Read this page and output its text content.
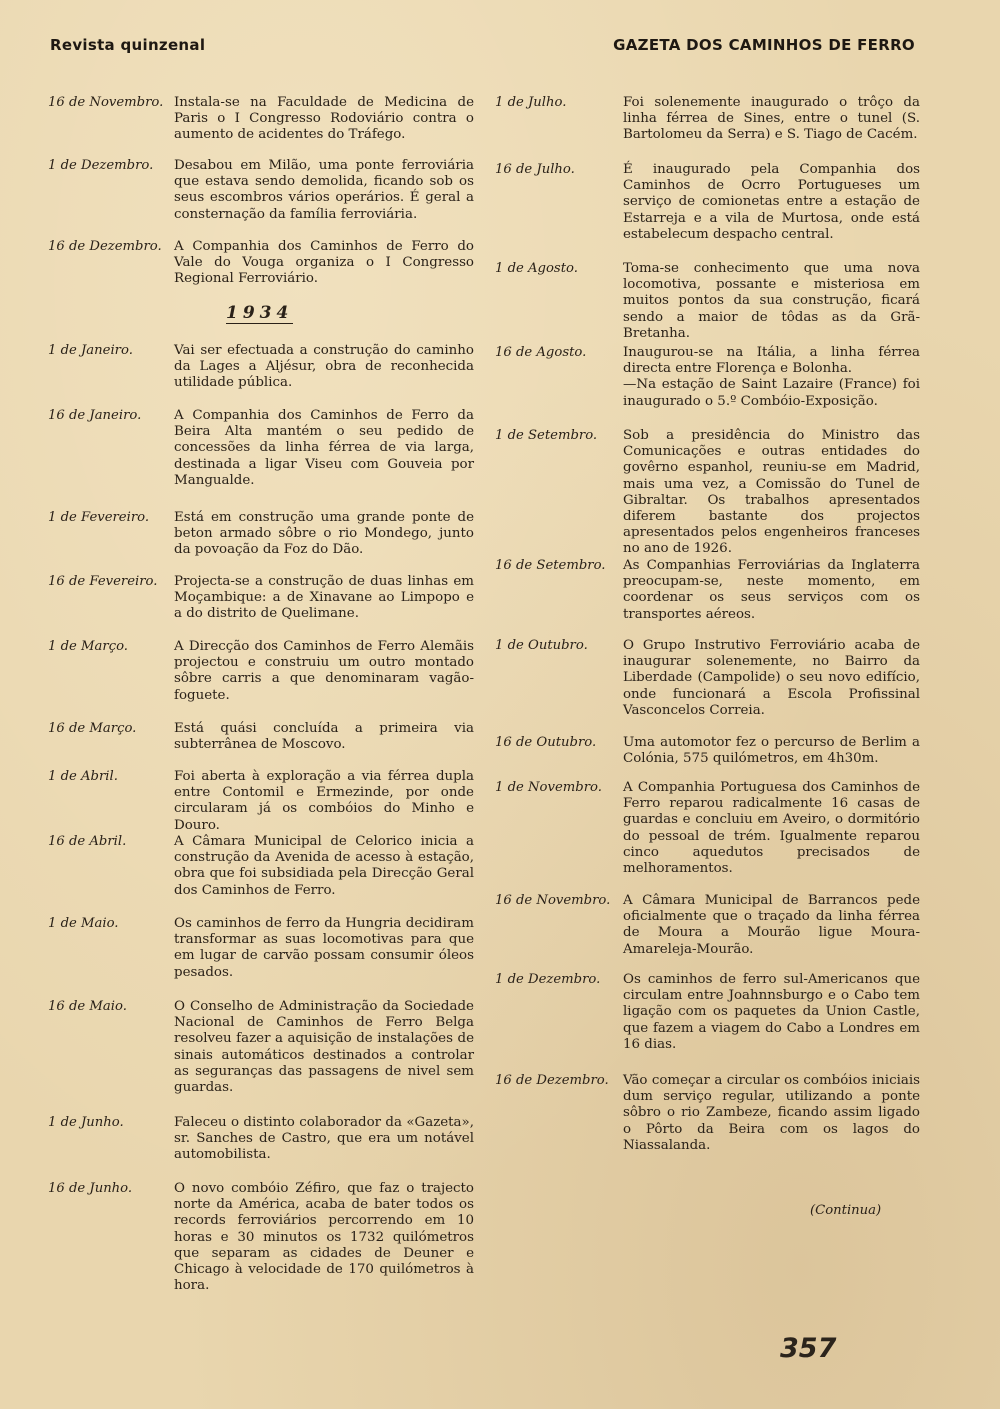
Revista quinzenal	GAZETA DOS CAMINHOS DE FERRO
16 de Novembro. Instala-se na Faculdade de Medicina de Paris o I Congresso Rodoviário contra o aumento de acidentes do Tráfego.
1 de Dezembro.	Desabou em Milão, uma ponte ferroviária que estava sendo demolida, ficando sob os seus escombros vários operários. É geral a consternação da família ferroviária.
16 de Dezembro. A Companhia dos Caminhos de Ferro do Vale do Vouga organiza o I Congresso Regional Ferroviário.
1 de Janeiro.	Vai ser efectuada a construção do caminho da Lages a Aljésur, obra de reconhecida utilidade pública.
16 de Janeiro.	A Companhia dos Caminhos de Ferro da Beira Alta mantém o seu pedido de concessões da linha férrea de via larga, destinada a ligar Viseu com Gouveia por Mangualde.
1 de Fevereiro.	Está em construção uma grande ponte de beton armado sôbre o rio Mondego, junto da povoação da Foz do Dão.
16 de Fevereiro.	Projecta-se a construção de duas linhas em Moçambique: a de Xinavane ao Limpopo e a do distrito de Quelimane.
1 de Março.	A Direcção dos Caminhos de Ferro Alemãis projectou e construiu um outro montado sôbre carris a que denominaram vagão-foguete.
16 de Março.	Está quási concluída a primeira via subterrânea de Moscovo.
1 de Abril.	Foi aberta à exploração a via férrea dupla entre Contomil e Ermezinde, por onde circularam já os combóios do Minho e Douro.
16 de Abril.	A Câmara Municipal de Celorico inicia a construção da Avenida de acesso à estação, obra que foi subsidiada pela Direcção Geral dos Caminhos de Ferro.
1 de Maio.	Os caminhos de ferro da Hungria decidiram transformar as suas locomotivas para que em lugar de carvão possam consumir óleos pesados.
16 de Maio.	O Conselho de Administração da Sociedade Nacional de Caminhos de Ferro Belga resolveu fazer a aquisição de instalações de sinais automáticos destinados a controlar as seguranças das passagens de nivel sem guardas.
1 de Junho.	Faleceu o distinto colaborador da «Gazeta», sr. Sanches de Castro, que era um notável automobilista.
16 de Junho.	O novo combóio Zéfiro, que faz o trajecto norte da América, acaba de bater todos os records ferroviários percorrendo em 10 horas e 30 minutos os 1732 quilómetros que separam as cidades de Deuner e Chicago à velocidade de 170 quilómetros à hora.
1934
1 de Julho.	Foi solenemente inaugurado o trôço da linha férrea de Sines, entre o tunel (S. Bartolomeu da Serra) e S. Tiago de Cacém.
16 de Julho.	É inaugurado pela Companhia dos Caminhos de Ocrro Portugueses um serviço de comionetas entre a estação de Estarreja e a vila de Murtosa, onde está estabelecum despacho central.
1 de Agosto.	Toma-se conhecimento que uma nova locomotiva, possante e misteriosa em muitos pontos da sua construção, ficará sendo a maior de tôdas as da Grã-Bretanha.
16 de Agosto.	Inaugurou-se na Itália, a linha férrea directa entre Florença e Bolonha.
—Na estação de Saint Lazaire (France) foi inaugurado o 5.º Combóio-Exposição.
1 de Setembro.	Sob a presidência do Ministro das Comunicações e outras entidades do govêrno espanhol, reuniu-se em Madrid, mais uma vez, a Comissão do Tunel de Gibraltar. Os trabalhos apresentados diferem bastante dos projectos apresentados pelos engenheiros franceses no ano de 1926.
16 de Setembro.	As Companhias Ferroviárias da Inglaterra preocupam-se, neste momento, em coordenar os seus serviços com os transportes aéreos.
1 de Outubro.	O Grupo Instrutivo Ferroviário acaba de inaugurar solenemente, no Bairro da Liberdade (Campolide) o seu novo edifício, onde funcionará a Escola Profissinal Vasconcelos Correia.
16 de Outubro.	Uma automotor fez o percurso de Berlim a Colónia, 575 quilómetros, em 4h30m.
1 de Novembro.	A Companhia Portuguesa dos Caminhos de Ferro reparou radicalmente 16 casas de guardas e concluiu em Aveiro, o dormitório do pessoal de trém. Igualmente reparou cinco aquedutos precisados de melhoramentos.
16 de Novembro. A Câmara Municipal de Barrancos pede oficialmente que o traçado da linha férrea de Moura a Mourão ligue Moura-Amareleja-Mourão.
1 de Dezembro.	Os caminhos de ferro sul-Americanos que circulam entre Joahnnsburgo e o Cabo tem ligação com os paquetes da Union Castle, que fazem a viagem do Cabo a Londres em 16 dias.
16 de Dezembro.	Vão começar a circular os combóios iniciais dum serviço regular, utilizando a ponte sôbro o rio Zambeze, ficando assim ligado o Pôrto da Beira com os lagos do Niassalanda.
(Continua)
357
